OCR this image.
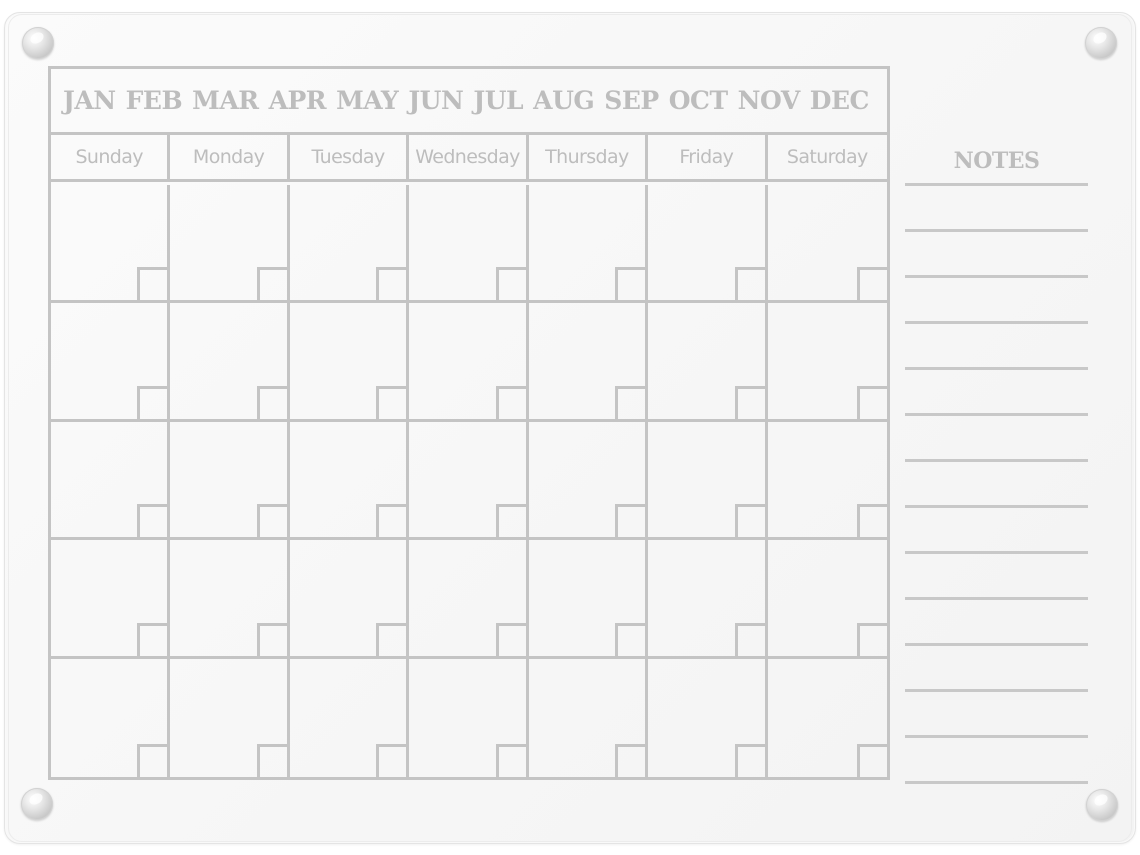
JAN FEB MAR APR MAY JUN JUL AUG SEP OCT NOV DEC
Sunday	Monday	Tuesday	Wednesday	Thursday	Friday	Saturday	NOTES
